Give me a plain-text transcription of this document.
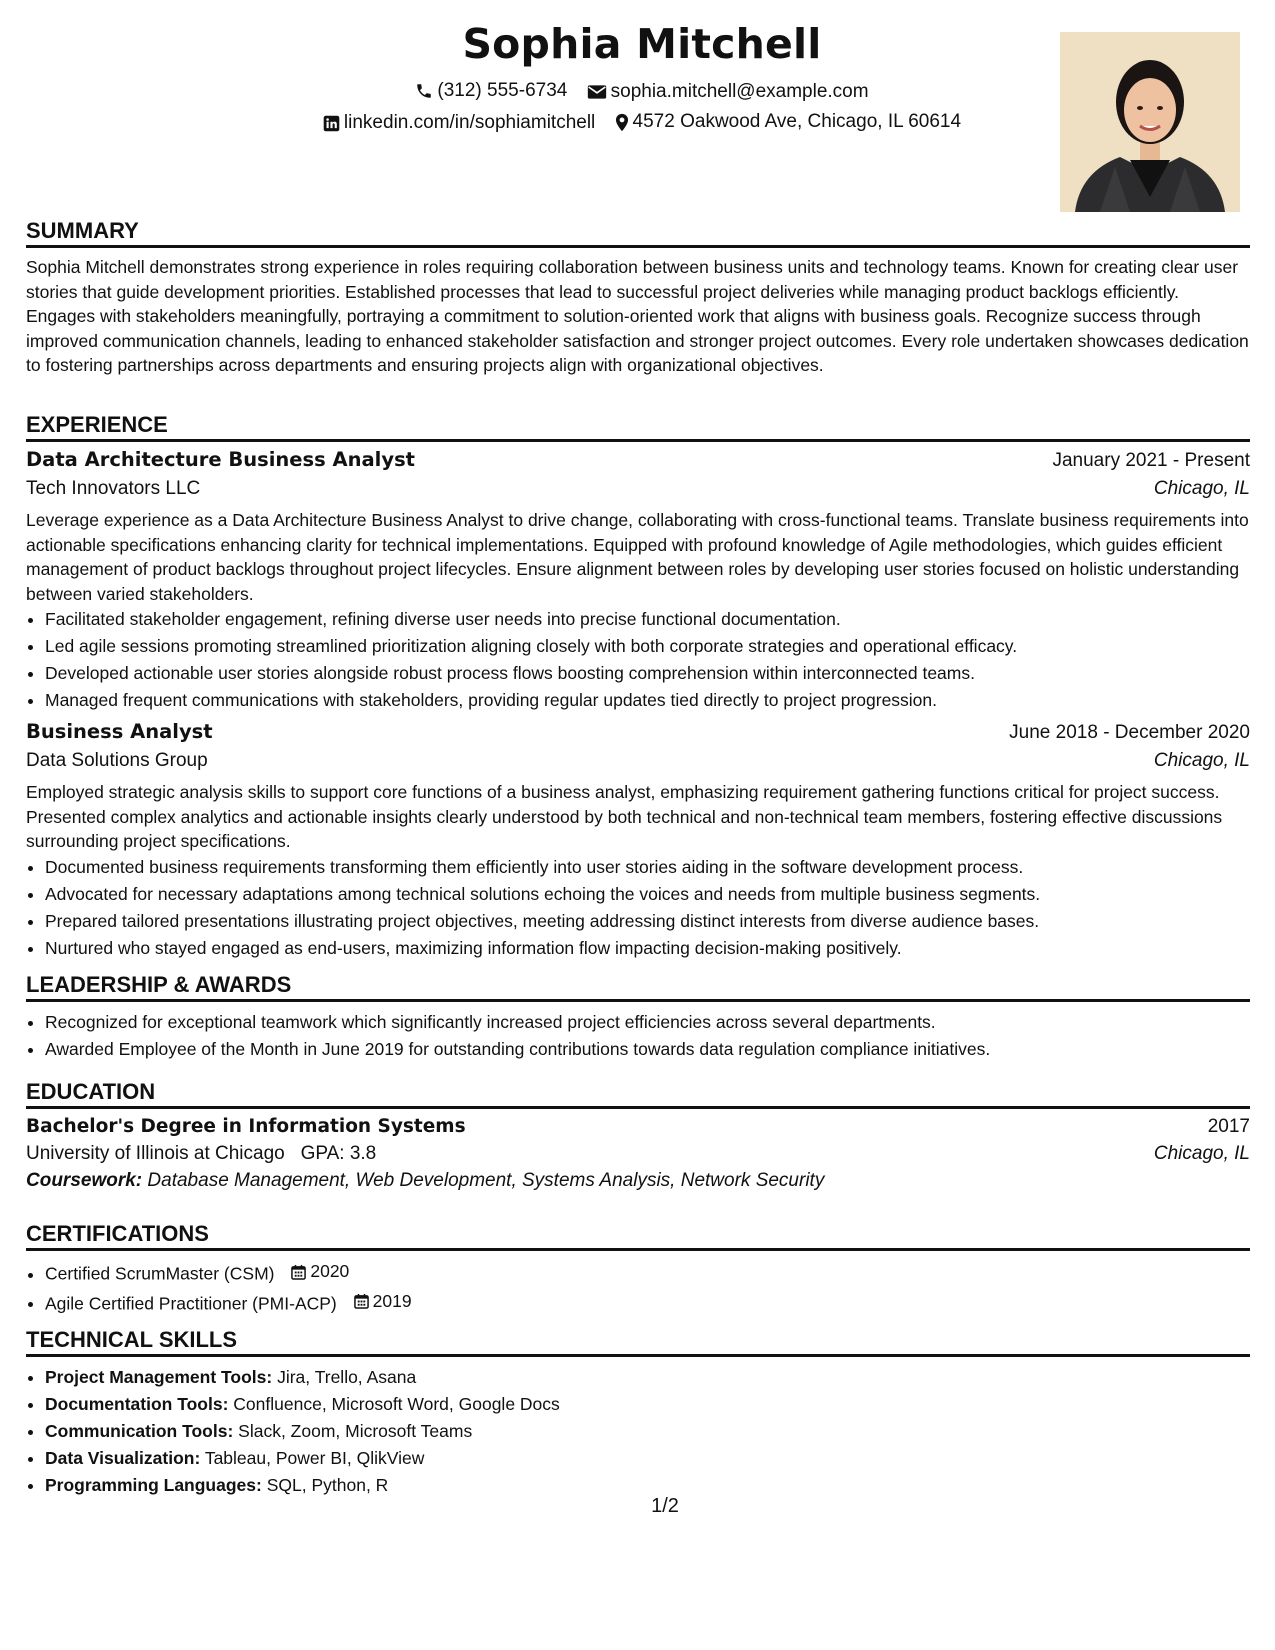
Sophia Mitchell
(312) 555-6734
sophia.mitchell@example.com
linkedin.com/in/sophiamitchell
4572 Oakwood Ave, Chicago, IL 60614
SUMMARY

Sophia Mitchell demonstrates strong experience in roles requiring collaboration between business units and technology teams. Known for creating clear user stories that guide development priorities. Established processes that lead to successful project deliveries while managing product backlogs efficiently. Engages with stakeholders meaningfully, portraying a commitment to solution-oriented work that aligns with business goals. Recognize success through improved communication channels, leading to enhanced stakeholder satisfaction and stronger project outcomes. Every role undertaken showcases dedication to fostering partnerships across departments and ensuring projects align with organizational objectives.

EXPERIENCE
Data Architecture Business Analyst	January 2021 - Present
Tech Innovators LLC	Chicago, IL

Leverage experience as a Data Architecture Business Analyst to drive change, collaborating with cross-functional teams. Translate business requirements into actionable specifications enhancing clarity for technical implementations. Equipped with profound knowledge of Agile methodologies, which guides efficient management of product backlogs throughout project lifecycles. Ensure alignment between roles by developing user stories focused on holistic understanding between varied stakeholders.

• Facilitated stakeholder engagement, refining diverse user needs into precise functional documentation.
• Led agile sessions promoting streamlined prioritization aligning closely with both corporate strategies and operational efficacy.
• Developed actionable user stories alongside robust process flows boosting comprehension within interconnected teams.
• Managed frequent communications with stakeholders, providing regular updates tied directly to project progression.
Business Analyst	June 2018 - December 2020
Data Solutions Group	Chicago, IL

Employed strategic analysis skills to support core functions of a business analyst, emphasizing requirement gathering functions critical for project success. Presented complex analytics and actionable insights clearly understood by both technical and non-technical team members, fostering effective discussions surrounding project specifications.

• Documented business requirements transforming them efficiently into user stories aiding in the software development process.
• Advocated for necessary adaptations among technical solutions echoing the voices and needs from multiple business segments.
• Prepared tailored presentations illustrating project objectives, meeting addressing distinct interests from diverse audience bases.
• Nurtured who stayed engaged as end-users, maximizing information flow impacting decision-making positively.
LEADERSHIP & AWARDS
• Recognized for exceptional teamwork which significantly increased project efficiencies across several departments.
• Awarded Employee of the Month in June 2019 for outstanding contributions towards data regulation compliance initiatives.
EDUCATION
Bachelor's Degree in Information Systems	2017
University of Illinois at Chicago GPA: 3.8	Chicago, IL
Coursework: Database Management, Web Development, Systems Analysis, Network Security
CERTIFICATIONS
• Certified ScrumMaster (CSM) 2020
• Agile Certified Practitioner (PMI-ACP) 2019
TECHNICAL SKILLS
• Project Management Tools: Jira, Trello, Asana
• Documentation Tools: Confluence, Microsoft Word, Google Docs
• Communication Tools: Slack, Zoom, Microsoft Teams
• Data Visualization: Tableau, Power BI, QlikView
• Programming Languages: SQL, Python, R
1/2
